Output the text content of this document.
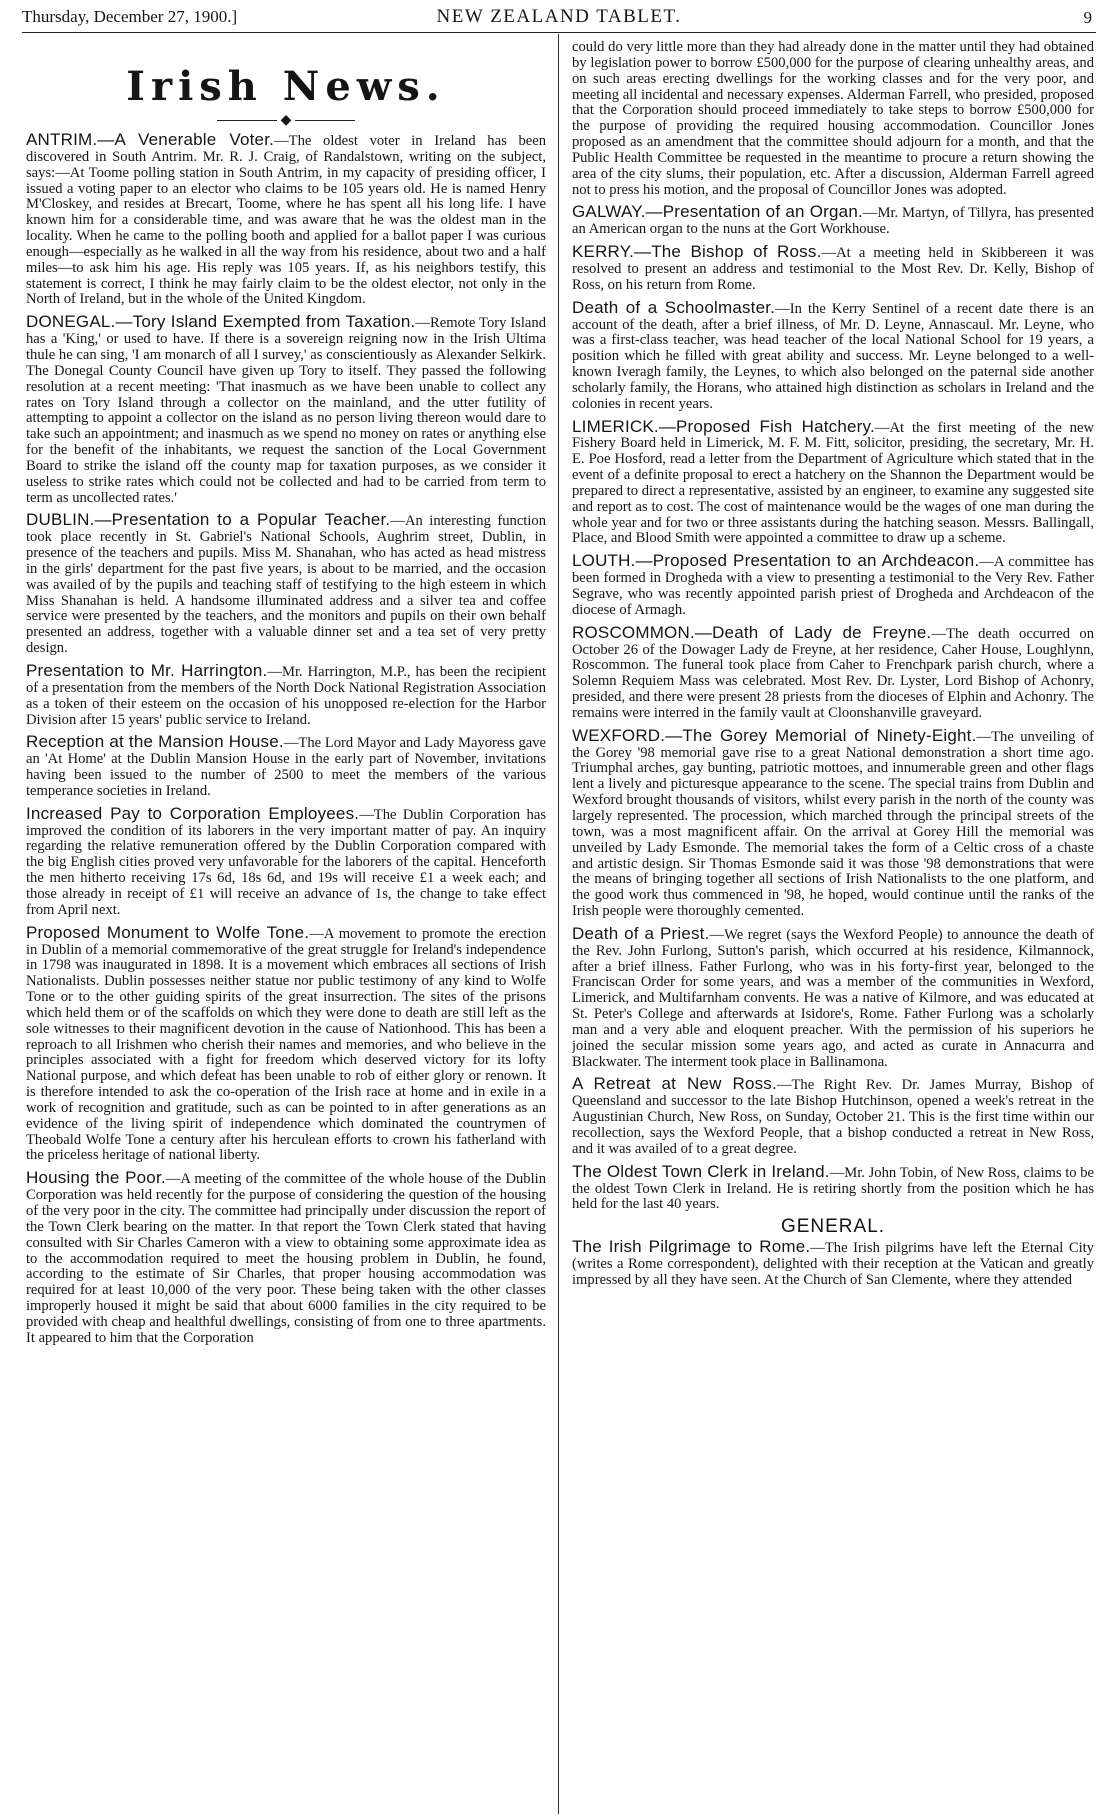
Thursday, December 27, 1900.]	NEW ZEALAND TABLET.	9
Irish News.
◆

ANTRIM.—A Venerable Voter.—The oldest voter in Ireland has been discovered in South Antrim. Mr. R. J. Craig, of Randalstown, writing on the subject, says:—At Toome polling station in South Antrim, in my capacity of presiding officer, I issued a voting paper to an elector who claims to be 105 years old. He is named Henry M'Closkey, and resides at Brecart, Toome, where he has spent all his long life. I have known him for a considerable time, and was aware that he was the oldest man in the locality. When he came to the polling booth and applied for a ballot paper I was curious enough—especially as he walked in all the way from his residence, about two and a half miles—to ask him his age. His reply was 105 years. If, as his neighbors testify, this statement is correct, I think he may fairly claim to be the oldest elector, not only in the North of Ireland, but in the whole of the United Kingdom.

DONEGAL.—Tory Island Exempted from Taxation.—Remote Tory Island has a 'King,' or used to have. If there is a sovereign reigning now in the Irish Ultima thule he can sing, 'I am monarch of all I survey,' as conscientiously as Alexander Selkirk. The Donegal County Council have given up Tory to itself. They passed the following resolution at a recent meeting: 'That inasmuch as we have been unable to collect any rates on Tory Island through a collector on the mainland, and the utter futility of attempting to appoint a collector on the island as no person living thereon would dare to take such an appointment; and inasmuch as we spend no money on rates or anything else for the benefit of the inhabitants, we request the sanction of the Local Government Board to strike the island off the county map for taxation purposes, as we consider it useless to strike rates which could not be collected and had to be carried from term to term as uncollected rates.'

DUBLIN.—Presentation to a Popular Teacher.—An interesting function took place recently in St. Gabriel's National Schools, Aughrim street, Dublin, in presence of the teachers and pupils. Miss M. Shanahan, who has acted as head mistress in the girls' department for the past five years, is about to be married, and the occasion was availed of by the pupils and teaching staff of testifying to the high esteem in which Miss Shanahan is held. A handsome illuminated address and a silver tea and coffee service were presented by the teachers, and the monitors and pupils on their own behalf presented an address, together with a valuable dinner set and a tea set of very pretty design.

Presentation to Mr. Harrington.—Mr. Harrington, M.P., has been the recipient of a presentation from the members of the North Dock National Registration Association as a token of their esteem on the occasion of his unopposed re-election for the Harbor Division after 15 years' public service to Ireland.

Reception at the Mansion House.—The Lord Mayor and Lady Mayoress gave an 'At Home' at the Dublin Mansion House in the early part of November, invitations having been issued to the number of 2500 to meet the members of the various temperance societies in Ireland.

Increased Pay to Corporation Employees.—The Dublin Corporation has improved the condition of its laborers in the very important matter of pay. An inquiry regarding the relative remuneration offered by the Dublin Corporation compared with the big English cities proved very unfavorable for the laborers of the capital. Henceforth the men hitherto receiving 17s 6d, 18s 6d, and 19s will receive £1 a week each; and those already in receipt of £1 will receive an advance of 1s, the change to take effect from April next.

Proposed Monument to Wolfe Tone.—A movement to promote the erection in Dublin of a memorial commemorative of the great struggle for Ireland's independence in 1798 was inaugurated in 1898. It is a movement which embraces all sections of Irish Nationalists. Dublin possesses neither statue nor public testimony of any kind to Wolfe Tone or to the other guiding spirits of the great insurrection. The sites of the prisons which held them or of the scaffolds on which they were done to death are still left as the sole witnesses to their magnificent devotion in the cause of Nationhood. This has been a reproach to all Irishmen who cherish their names and memories, and who believe in the principles associated with a fight for freedom which deserved victory for its lofty National purpose, and which defeat has been unable to rob of either glory or renown. It is therefore intended to ask the co-operation of the Irish race at home and in exile in a work of recognition and gratitude, such as can be pointed to in after generations as an evidence of the living spirit of independence which dominated the countrymen of Theobald Wolfe Tone a century after his herculean efforts to crown his fatherland with the priceless heritage of national liberty.

Housing the Poor.—A meeting of the committee of the whole house of the Dublin Corporation was held recently for the purpose of considering the question of the housing of the very poor in the city. The committee had principally under discussion the report of the Town Clerk bearing on the matter. In that report the Town Clerk stated that having consulted with Sir Charles Cameron with a view to obtaining some approximate idea as to the accommodation required to meet the housing problem in Dublin, he found, according to the estimate of Sir Charles, that proper housing accommodation was required for at least 10,000 of the very poor. These being taken with the other classes improperly housed it might be said that about 6000 families in the city required to be provided with cheap and healthful dwellings, consisting of from one to three apartments. It appeared to him that the Corporation

could do very little more than they had already done in the matter until they had obtained by legislation power to borrow £500,000 for the purpose of clearing unhealthy areas, and on such areas erecting dwellings for the working classes and for the very poor, and meeting all incidental and necessary expenses. Alderman Farrell, who presided, proposed that the Corporation should proceed immediately to take steps to borrow £500,000 for the purpose of providing the required housing accommodation. Councillor Jones proposed as an amendment that the committee should adjourn for a month, and that the Public Health Committee be requested in the meantime to procure a return showing the area of the city slums, their population, etc. After a discussion, Alderman Farrell agreed not to press his motion, and the proposal of Councillor Jones was adopted.

GALWAY.—Presentation of an Organ.—Mr. Martyn, of Tillyra, has presented an American organ to the nuns at the Gort Workhouse.

KERRY.—The Bishop of Ross.—At a meeting held in Skibbereen it was resolved to present an address and testimonial to the Most Rev. Dr. Kelly, Bishop of Ross, on his return from Rome.

Death of a Schoolmaster.—In the Kerry Sentinel of a recent date there is an account of the death, after a brief illness, of Mr. D. Leyne, Annascaul. Mr. Leyne, who was a first-class teacher, was head teacher of the local National School for 19 years, a position which he filled with great ability and success. Mr. Leyne belonged to a well-known Iveragh family, the Leynes, to which also belonged on the paternal side another scholarly family, the Horans, who attained high distinction as scholars in Ireland and the colonies in recent years.

LIMERICK.—Proposed Fish Hatchery.—At the first meeting of the new Fishery Board held in Limerick, M. F. M. Fitt, solicitor, presiding, the secretary, Mr. H. E. Poe Hosford, read a letter from the Department of Agriculture which stated that in the event of a definite proposal to erect a hatchery on the Shannon the Department would be prepared to direct a representative, assisted by an engineer, to examine any suggested site and report as to cost. The cost of maintenance would be the wages of one man during the whole year and for two or three assistants during the hatching season. Messrs. Ballingall, Place, and Blood Smith were appointed a committee to draw up a scheme.

LOUTH.—Proposed Presentation to an Archdeacon.—A committee has been formed in Drogheda with a view to presenting a testimonial to the Very Rev. Father Segrave, who was recently appointed parish priest of Drogheda and Archdeacon of the diocese of Armagh.

ROSCOMMON.—Death of Lady de Freyne.—The death occurred on October 26 of the Dowager Lady de Freyne, at her residence, Caher House, Loughlynn, Roscommon. The funeral took place from Caher to Frenchpark parish church, where a Solemn Requiem Mass was celebrated. Most Rev. Dr. Lyster, Lord Bishop of Achonry, presided, and there were present 28 priests from the dioceses of Elphin and Achonry. The remains were interred in the family vault at Cloonshanville graveyard.

WEXFORD.—The Gorey Memorial of Ninety-Eight.—The unveiling of the Gorey '98 memorial gave rise to a great National demonstration a short time ago. Triumphal arches, gay bunting, patriotic mottoes, and innumerable green and other flags lent a lively and picturesque appearance to the scene. The special trains from Dublin and Wexford brought thousands of visitors, whilst every parish in the north of the county was largely represented. The procession, which marched through the principal streets of the town, was a most magnificent affair. On the arrival at Gorey Hill the memorial was unveiled by Lady Esmonde. The memorial takes the form of a Celtic cross of a chaste and artistic design. Sir Thomas Esmonde said it was those '98 demonstrations that were the means of bringing together all sections of Irish Nationalists to the one platform, and the good work thus commenced in '98, he hoped, would continue until the ranks of the Irish people were thoroughly cemented.

Death of a Priest.—We regret (says the Wexford People) to announce the death of the Rev. John Furlong, Sutton's parish, which occurred at his residence, Kilmannock, after a brief illness. Father Furlong, who was in his forty-first year, belonged to the Franciscan Order for some years, and was a member of the communities in Wexford, Limerick, and Multifarnham convents. He was a native of Kilmore, and was educated at St. Peter's College and afterwards at Isidore's, Rome. Father Furlong was a scholarly man and a very able and eloquent preacher. With the permission of his superiors he joined the secular mission some years ago, and acted as curate in Annacurra and Blackwater. The interment took place in Ballinamona.

A Retreat at New Ross.—The Right Rev. Dr. James Murray, Bishop of Queensland and successor to the late Bishop Hutchinson, opened a week's retreat in the Augustinian Church, New Ross, on Sunday, October 21. This is the first time within our recollection, says the Wexford People, that a bishop conducted a retreat in New Ross, and it was availed of to a great degree.

The Oldest Town Clerk in Ireland.—Mr. John Tobin, of New Ross, claims to be the oldest Town Clerk in Ireland. He is retiring shortly from the position which he has held for the last 40 years.

GENERAL.

The Irish Pilgrimage to Rome.—The Irish pilgrims have left the Eternal City (writes a Rome correspondent), delighted with their reception at the Vatican and greatly impressed by all they have seen. At the Church of San Clemente, where they attended
